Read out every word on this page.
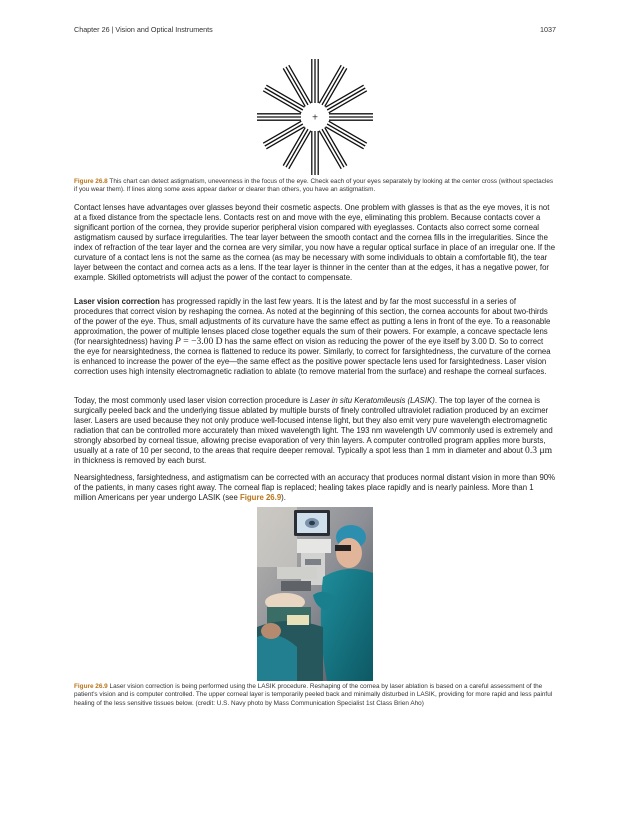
Chapter 26 | Vision and Optical Instruments	1037
+
Figure 26.8 This chart can detect astigmatism, unevenness in the focus of the eye. Check each of your eyes separately by looking at the center cross (without spectacles if you wear them). If lines along some axes appear darker or clearer than others, you have an astigmatism.

Contact lenses have advantages over glasses beyond their cosmetic aspects. One problem with glasses is that as the eye moves, it is not at a fixed distance from the spectacle lens. Contacts rest on and move with the eye, eliminating this problem. Because contacts cover a significant portion of the cornea, they provide superior peripheral vision compared with eyeglasses. Contacts also correct some corneal astigmatism caused by surface irregularities. The tear layer between the smooth contact and the cornea fills in the irregularities. Since the index of refraction of the tear layer and the cornea are very similar, you now have a regular optical surface in place of an irregular one. If the curvature of a contact lens is not the same as the cornea (as may be necessary with some individuals to obtain a comfortable fit), the tear layer between the contact and cornea acts as a lens. If the tear layer is thinner in the center than at the edges, it has a negative power, for example. Skilled optometrists will adjust the power of the contact to compensate.

Laser vision correction has progressed rapidly in the last few years. It is the latest and by far the most successful in a series of procedures that correct vision by reshaping the cornea. As noted at the beginning of this section, the cornea accounts for about two-thirds of the power of the eye. Thus, small adjustments of its curvature have the same effect as putting a lens in front of the eye. To a reasonable approximation, the power of multiple lenses placed close together equals the sum of their powers. For example, a concave spectacle lens (for nearsightedness) having P = −3.00 D has the same effect on vision as reducing the power of the eye itself by 3.00 D. So to correct the eye for nearsightedness, the cornea is flattened to reduce its power. Similarly, to correct for farsightedness, the curvature of the cornea is enhanced to increase the power of the eye—the same effect as the positive power spectacle lens used for farsightedness. Laser vision correction uses high intensity electromagnetic radiation to ablate (to remove material from the surface) and reshape the corneal surfaces.

Today, the most commonly used laser vision correction procedure is Laser in situ Keratomileusis (LASIK). The top layer of the cornea is surgically peeled back and the underlying tissue ablated by multiple bursts of finely controlled ultraviolet radiation produced by an excimer laser. Lasers are used because they not only produce well-focused intense light, but they also emit very pure wavelength electromagnetic radiation that can be controlled more accurately than mixed wavelength light. The 193 nm wavelength UV commonly used is extremely and strongly absorbed by corneal tissue, allowing precise evaporation of very thin layers. A computer controlled program applies more bursts, usually at a rate of 10 per second, to the areas that require deeper removal. Typically a spot less than 1 mm in diameter and about 0.3 μm in thickness is removed by each burst.

Nearsightedness, farsightedness, and astigmatism can be corrected with an accuracy that produces normal distant vision in more than 90% of the patients, in many cases right away. The corneal flap is replaced; healing takes place rapidly and is nearly painless. More than 1 million Americans per year undergo LASIK (see Figure 26.9).

Figure 26.9 Laser vision correction is being performed using the LASIK procedure. Reshaping of the cornea by laser ablation is based on a careful assessment of the patient's vision and is computer controlled. The upper corneal layer is temporarily peeled back and minimally disturbed in LASIK, providing for more rapid and less painful healing of the less sensitive tissues below. (credit: U.S. Navy photo by Mass Communication Specialist 1st Class Brien Aho)
